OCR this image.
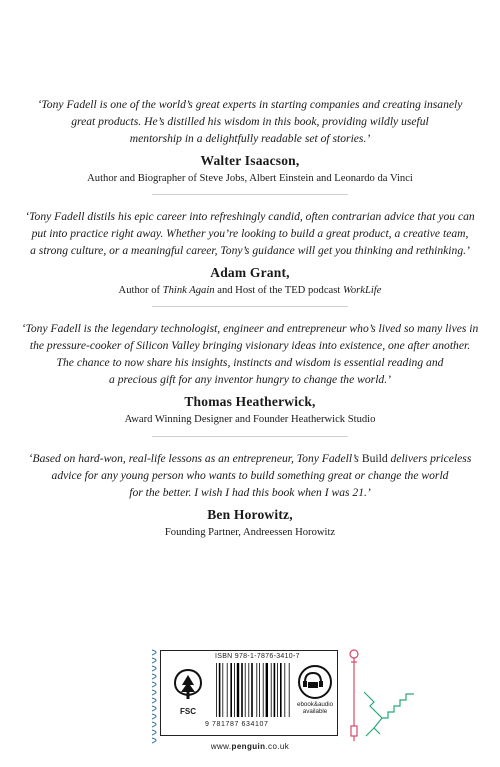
‘Tony Fadell is one of the world’s great experts in starting companies and creating insanely
great products. He’s distilled his wisdom in this book, providing wildly useful
mentorship in a delightfully readable set of stories.’

Walter Isaacson,
Author and Biographer of Steve Jobs, Albert Einstein and Leonardo da Vinci

‘Tony Fadell distils his epic career into refreshingly candid, often contrarian advice that you can
put into practice right away. Whether you’re looking to build a great product, a creative team,
a strong culture, or a meaningful career, Tony’s guidance will get you thinking and rethinking.’

Adam Grant,
Author of Think Again and Host of the TED podcast WorkLife

‘Tony Fadell is the legendary technologist, engineer and entrepreneur who’s lived so many lives in
the pressure-cooker of Silicon Valley bringing visionary ideas into existence, one after another.
The chance to now share his insights, instincts and wisdom is essential reading and
a precious gift for any inventor hungry to change the world.’

Thomas Heatherwick,
Award Winning Designer and Founder Heatherwick Studio

‘Based on hard-won, real-life lessons as an entrepreneur, Tony Fadell’s Build delivers priceless
advice for any young person who wants to build something great or change the world
for the better. I wish I had this book when I was 21.’

Ben Horowitz,
Founding Partner, Andreessen Horowitz
ISBN 978-1-7876-3410-7
FSC
9 781787 634107
ebook&audio
available
www.penguin.co.uk
